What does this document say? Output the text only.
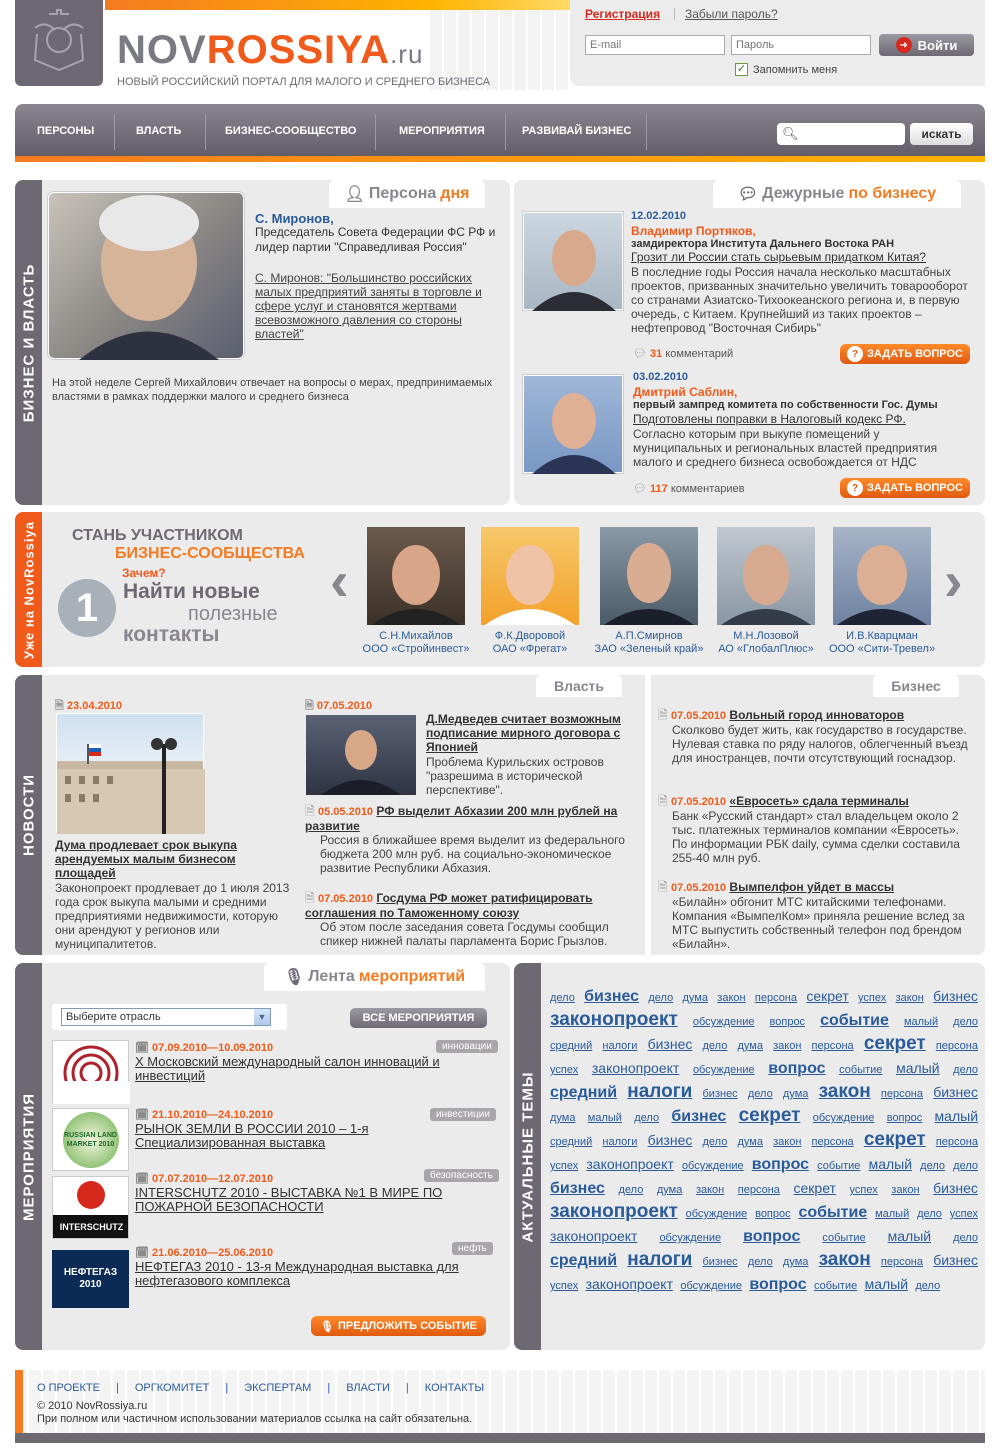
NOVROSSIYA.ru
НОВЫЙ РОССИЙСКИЙ ПОРТАЛ ДЛЯ МАЛОГО И СРЕДНЕГО БИЗНЕСА
Регистрация Забыли пароль?
E-mail
Пароль
➜ Войти
✓ Запомнить меня
ПЕРСОНЫ	ВЛАСТЬ	БИЗНЕС-СООБЩЕСТВО	МЕРОПРИЯТИЯ	РАЗВИВАЙ БИЗНЕС	🔍︎	искать
БИЗНЕС И ВЛАСТЬ
👤︎ Персона дня
С. Миронов,
Председатель Совета Федерации ФС РФ и лидер партии "Справедливая Россия"
С. Миронов: "Большинство российских малых предприятий заняты в торговле и сфере услуг и становятся жертвами всевозможного давления со стороны властей"
На этой неделе Сергей Михайлович отвечает на вопросы о мерах, предпринимаемых властями в рамках поддержки малого и среднего бизнеса
💬︎ Дежурные по бизнесу
12.02.2010
Владимир Портяков,
замдиректора Института Дальнего Востока РАН
Грозит ли России стать сырьевым придатком Китая?
В последние годы Россия начала несколько масштабных проектов, призванных значительно увеличить товарооборот со странами Азиатско-Тихоокеанского региона и, в первую очередь, с Китаем. Крупнейший из таких проектов – нефтепровод "Восточная Сибирь"
💬︎ 31 комментарий	? ЗАДАТЬ ВОПРОС
03.02.2010
Дмитрий Саблин,
первый зампред комитета по собственности Гос. Думы
Подготовлены поправки в Налоговый кодекс РФ.
Согласно которым при выкупе помещений у муниципальных и региональных властей предприятия малого и среднего бизнеса освобождается от НДС
💬︎ 117 комментариев	? ЗАДАТЬ ВОПРОС
Уже на NovRossiya СТАНЬ УЧАСТНИКОМ
БИЗНЕС-СООБЩЕСТВА
Зачем?
1	Найти новые
полезные
контакты
‹	›
С.Н.Михайлов
ООО «Стройинвест»
Ф.К.Дворовой
ОАО «Фрегат»
А.П.Смирнов
ЗАО «Зеленый край»
М.Н.Лозовой
АО «ГлобалПлюс»
И.В.Кварцман
ООО «Сити-Тревел»
НОВОСТИ
Власть
🗎︎ 23.04.2010
Дума продлевает срок выкупа арендуемых малым бизнесом площадей
Законопроект продлевает до 1 июля 2013 года срок выкупа малыми и средними предприятиями недвижимости, которую они арендуют у регионов или муниципалитетов.
🗎︎ 07.05.2010
Д.Медведев считает возможным подписание мирного договора с Японией
Проблема Курильских островов "разрешима в исторической перспективе".
🗎︎ 05.05.2010 РФ выделит Абхазии 200 млн рублей на развитие
Россия в ближайшее время выделит из федерального бюджета 200 млн руб. на социально-экономическое развитие Республики Абхазия.
🗎︎ 07.05.2010 Госдума РФ может ратифицировать соглашения по Таможенному союзу
Об этом после заседания совета Госдумы сообщил спикер нижней палаты парламента Борис Грызлов.
Бизнес
🗎︎ 07.05.2010 Вольный город инноваторов
Сколково будет жить, как государство в государстве. Нулевая ставка по ряду налогов, облегченный въезд для иностранцев, почти отсутствующий госнадзор.
🗎︎ 07.05.2010 «Евросеть» сдала терминалы
Банк «Русский стандарт» стал владельцем около 2 тыс. платежных терминалов компании «Евросеть». По информации РБК daily, сумма сделки составила 255-40 млн руб.
🗎︎ 07.05.2010 Вымпелфон уйдет в массы
«Билайн» обгонит МТС китайскими телефонами. Компания «ВымпелКом» приняла решение вслед за МТС выпустить собственный телефон под брендом «Билайн».
МЕРОПРИЯТИЯ
🎙︎ Лента мероприятий
Выберите отрасль	▼	ВСЕ МЕРОПРИЯТИЯ
🗓︎ 07.09.2010—10.09.2010	инновации
X Московский международный салон инноваций и инвестиций
RUSSIAN LAND MARKET 2010
🗓︎ 21.10.2010—24.10.2010	инвестиции
РЫНОК ЗЕМЛИ В РОССИИ 2010 – 1-я Специализированная выставка
INTERSCHUTZ
🗓︎ 07.07.2010—12.07.2010	безопасность
INTERSCHUTZ 2010 - ВЫСТАВКА №1 В МИРЕ ПО ПОЖАРНОЙ БЕЗОПАСНОСТИ
НЕФТЕГАЗ 2010
🗓︎ 21.06.2010—25.06.2010	нефть
НЕФТЕГАЗ 2010 - 13-я Международная выставка для нефтегазового комплекса
🎙︎ ПРЕДЛОЖИТЬ СОБЫТИЕ
АКТУАЛЬНЫЕ ТЕМЫ
дело бизнес дело дума закон персона секрет успех закон бизнес законопроект обсуждение вопрос событие малый дело средний налоги бизнес дело дума закон персона секрет персона успех законопроект обсуждение вопрос событие малый дело средний налоги бизнес дело дума закон персона бизнес дума малый дело бизнес секрет обсуждение вопрос малый средний налоги бизнес дело дума закон персона секрет персона успех законопроект обсуждение вопрос событие малый дело дело бизнес дело дума закон персона секрет успех закон бизнес законопроект обсуждение вопрос событие малый дело успех законопроект обсуждение вопрос событие малый дело средний налоги бизнес дело дума закон персона бизнес успех законопроект обсуждение вопрос событие малый дело
О ПРОЕКТЕ | ОРГКОМИТЕТ | ЭКСПЕРТАМ | ВЛАСТИ | КОНТАКТЫ
© 2010 NovRossiya.ru
При полном или частичном использовании материалов ссылка на сайт обязательна.
